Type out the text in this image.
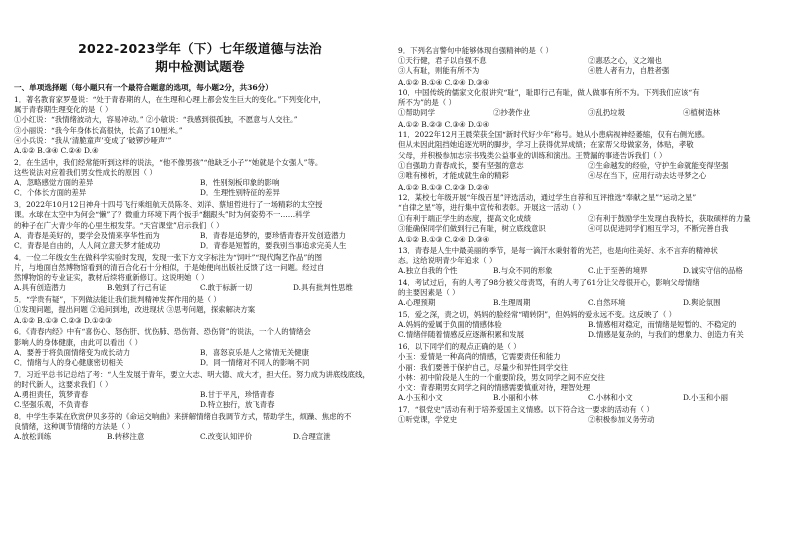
2022-2023学年（下）七年级道德与法治
期中检测试题卷
一、单项选择题（每小题只有一个最符合题意的选项，每小题2分，共36分）

1．著名教育家罗曼说：“处于青春期的人，在生理和心理上都会发生巨大的变化。”下列变化中，

属于青春期生理变化的是（ ）

①小红说：“我情绪波动大，容易冲动。” ②小敏说：“我感到很孤独，不愿意与人交往。”
③小丽说：“我今年身体长高很快，长高了10厘米。”
④小兵说：“我从‘清脆童声’变成了‘破锣沙哑声’”
A.①② B.③④ C.②④ D.④

2．在生活中，我们经常能听到这样的说法，“他不像男孩”“他缺乏小子”“她就是个女强人”等。

这些说法对应着我们男女性成长的原因（ ）

A．忽略感觉方面的差异	B．性别刻板印象的影响
C．个体长方面的差异	D．生理性别特征的差异

3．2022年10月12日神舟十四号飞行乘组航天员陈冬、刘洋、蔡旭哲进行了一场精彩的太空授

课。水球在太空中为何会“懒”了？微重力环境下两个扳手“翻跟头”时为何姿势不一……科学

的种子在广大青少年的心里生根发芽。“天宫课堂”启示我们（ ）

A．青春是美好的，要学会及情来享华性而为	B．青春是追梦的，要珍惜青春开发创造潜力
C．青春是自由的，人人间立意天梦才能成功	D．青春是短暂的，要我别当事追求完美人生

4．一位二年级女生在做科学实验时发现，发现一张下方文字标注为“饲叶”“现代陶艺作品”的图

片，与地面自然博物馆看到的清百合化石十分相似，于是她便向出版社反馈了这一问题。经过自

然博物馆的专业证实，教材后续将重新修订。这说明她（ ）

A.具有创造潜力	B.勉到了行己有证	C.敢于标新一切	D.具有批判性思维

5．“学贵有疑”，下列做法能让我们批判精神发挥作用的是（ ）

①发现问题，提出问题 ②追问到地，改进现状 ③思考问题，探索解决方案
A.①② B.①③ C.②③ D.①②③

6．《青春内经》中有“喜伤心、怒伤肝、忧伤肺、恐伤肾、恐伤肾”的说法，一个人的情绪会

影响人的身体健康，由此可以看出（ ）

A．要善于将负面情绪变为成长动力	B．喜怒哀乐是人之常情无关健康
C．情绪与人的身心健康密切相关	D．同一情绪对不同人的影响不同

7．习近平总书记总结了考：“人生发展于青年，要立大志、明大德、成大才，担大任。努力成为讲底线底线，

的时代新人，这要求我们（ ）

A.勇担责任，筑梦青春	B.甘于平凡，珍惜青春
C.坚强乐观，不负青春	D.特立独行，放飞青春

8．中学生李某在欣赏伊贝多芬的《命运交响曲》来拼解情绪自我调节方式，帮助学生，烦躁、焦虑的不

良情绪，这种调节情绪的方法是（ ）

A.放松训练	B.转移注意	C.改变认知评价	D.合理宣泄

9．下列名言警句中能够体现自强精神的是（ ）

①天行健，君子以自强不息	②惠恶之心，义之端也
③人有耻，则能有所不为	④胜人者有力，自胜者强

A.①② B.①④ C.②④ D.③④

10．中国传统的儒家文化很讲究“耻”，耻即行己有耻，做人做事有所不为。下列我们应该“有

所不为”的是（ ）

①帮助同学	②抄袭作业	③乱扔垃圾	④植树造林

A.①② B.②③ C.③④ D.①④

11．2022年12月王晨荣获全国“新时代好少年”称号。她从小患病视神经萎缩，仅有右侧光感。

但从未因此阻挡她追逐光明的脚步，学习上获得优异成绩；在家帮父母做家务，体贴，孝敬

父母，并积极参加志宗书残类公益事业的训练和演出。王赞漏的事迹告诉我们（ ）

①自强助力青春成长，要有坚强的意志	②生命越发的经验，守护生命就能变得坚强
③唯有梯析，才能成就生命的精彩	④尽在当下，应用行动去达寻梦之心

A.①② B.①③ C.②③ D.②④

12．某校七年级开展“年级百星”评选活动，通过学生自荐和互评推选“奉献之星”“运动之星”

“自律之星”等，进行集中宣传和表彰。开展这一活动（ ）

①有利于端正学生的态度，提高文化成绩	②有利于鼓励学生发现自我特长，获取硕样的力量
③能确保同学们做到行己有耻，树立底线意识	④可以促进同学们相互学习，不断完善自我

A.①② B.①③ C.②④ D.③④

13．青春是人生中最美丽的季节，是每一滴汗水秉射着的光芒，也是向往美好、永不言弃的精神状

态。这给说明青少年追求（ ）

A.独立自我的个性	B.与众不同的形象	C.止于至善的境界	D.诚实守信的品格

14．考试过后，有的人考了98分被父母责骂，有的人考了61分让父母很开心，影响父母情绪

的主要因素是（ ）

A.心理预期	B.生理周期	C.自然环境	D.舆论氛围

15．爱之深，责之切，妈妈的脸经常“晴转阴”，但妈妈的爱永远不变。这反映了（ ）

A.妈妈的爱属于负面的情感体验	B.情感相对稳定，而情绪是短暂的、不稳定的
C.情绪伴随着情感反应逐渐积累和发展	D.情感是复杂的，与我们的想象力、创造力有关

16．以下同学们的观点正确的是（ ）

小玉：爱情是一种高尚的情感，它需要责任和能力

小丽：我们要善于保护自己，尽量少和异性同学交往

小林：初中阶段是人生的一个重要阶段，男女同学之间不应交往

小文：青春期男女同学之间的情感需要慎重对待，理智处理

A.小玉和小文	B.小丽和小林	C.小林和小文	D.小玉和小丽

17．“很党史”活动有利于培养爱国主义情感。以下符合这一要求的活动有（ ）

①听党课，学党史	②积极参加义务劳动
